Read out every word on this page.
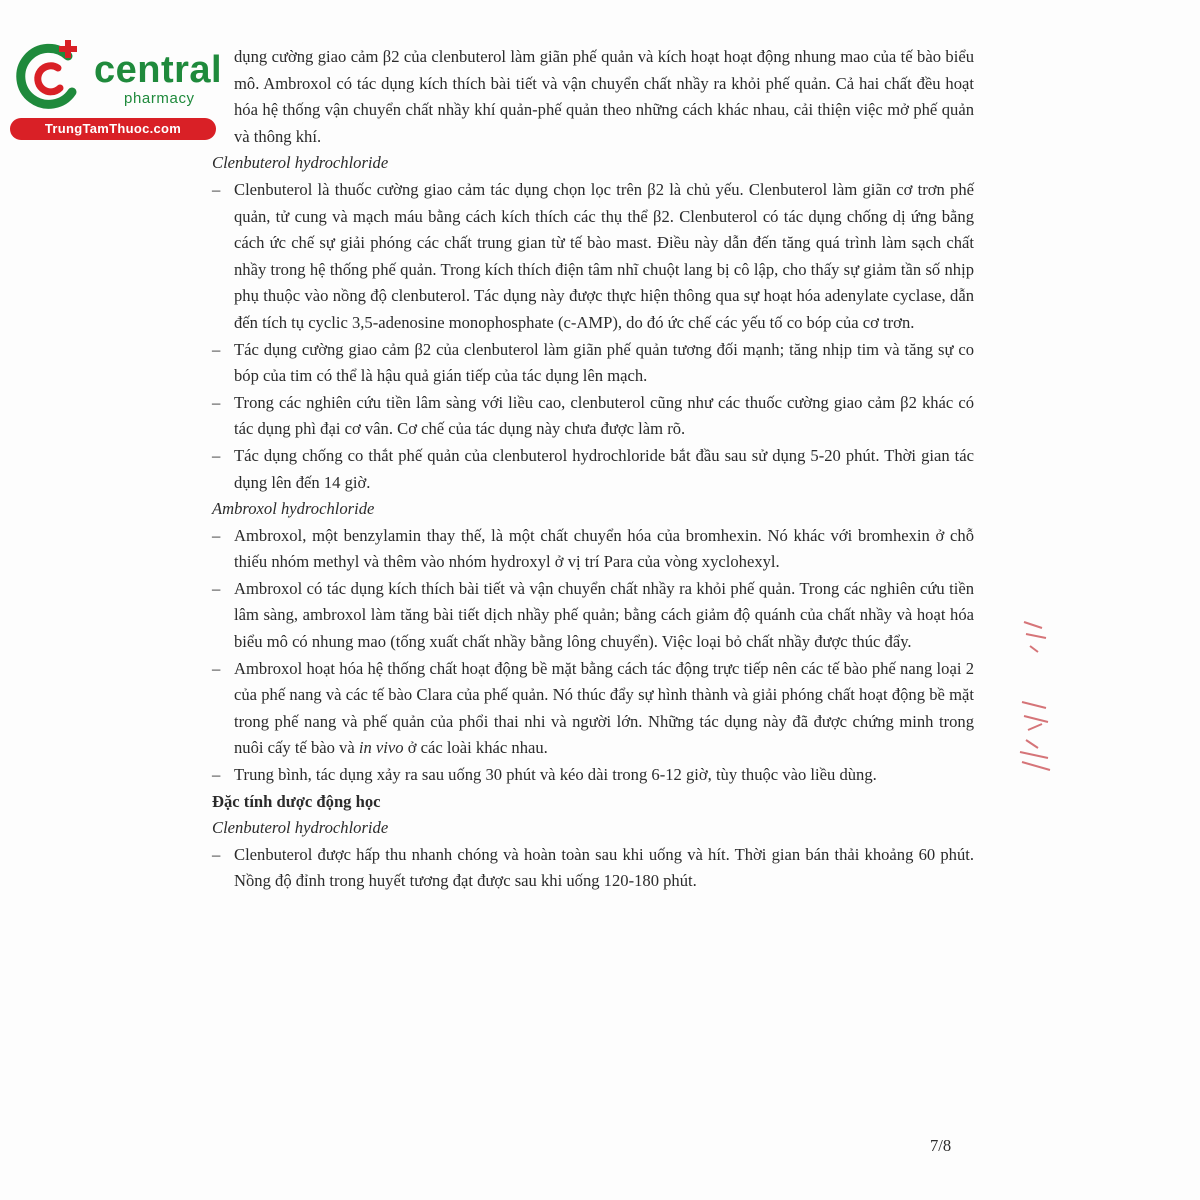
central
pharmacy
TrungTamThuoc.com

dụng cường giao cảm β2 của clenbuterol làm giãn phế quản và kích hoạt hoạt động nhung mao của tế bào biểu mô. Ambroxol có tác dụng kích thích bài tiết và vận chuyển chất nhầy ra khỏi phế quản. Cả hai chất đều hoạt hóa hệ thống vận chuyển chất nhầy khí quản-phế quản theo những cách khác nhau, cải thiện việc mở phế quản và thông khí.

Clenbuterol hydrochloride

– Clenbuterol là thuốc cường giao cảm tác dụng chọn lọc trên β2 là chủ yếu. Clenbuterol làm giãn cơ trơn phế quản, tử cung và mạch máu bằng cách kích thích các thụ thể β2. Clenbuterol có tác dụng chống dị ứng bằng cách ức chế sự giải phóng các chất trung gian từ tế bào mast. Điều này dẫn đến tăng quá trình làm sạch chất nhầy trong hệ thống phế quản. Trong kích thích điện tâm nhĩ chuột lang bị cô lập, cho thấy sự giảm tần số nhịp phụ thuộc vào nồng độ clenbuterol. Tác dụng này được thực hiện thông qua sự hoạt hóa adenylate cyclase, dẫn đến tích tụ cyclic 3,5-adenosine monophosphate (c-AMP), do đó ức chế các yếu tố co bóp của cơ trơn.

– Tác dụng cường giao cảm β2 của clenbuterol làm giãn phế quản tương đối mạnh; tăng nhịp tim và tăng sự co bóp của tim có thể là hậu quả gián tiếp của tác dụng lên mạch.

– Trong các nghiên cứu tiền lâm sàng với liều cao, clenbuterol cũng như các thuốc cường giao cảm β2 khác có tác dụng phì đại cơ vân. Cơ chế của tác dụng này chưa được làm rõ.

– Tác dụng chống co thắt phế quản của clenbuterol hydrochloride bắt đầu sau sử dụng 5-20 phút. Thời gian tác dụng lên đến 14 giờ.

Ambroxol hydrochloride

– Ambroxol, một benzylamin thay thế, là một chất chuyển hóa của bromhexin. Nó khác với bromhexin ở chỗ thiếu nhóm methyl và thêm vào nhóm hydroxyl ở vị trí Para của vòng xyclohexyl.

– Ambroxol có tác dụng kích thích bài tiết và vận chuyển chất nhầy ra khỏi phế quản. Trong các nghiên cứu tiền lâm sàng, ambroxol làm tăng bài tiết dịch nhầy phế quản; bằng cách giảm độ quánh của chất nhầy và hoạt hóa biểu mô có nhung mao (tống xuất chất nhầy bằng lông chuyển). Việc loại bỏ chất nhầy được thúc đẩy.

– Ambroxol hoạt hóa hệ thống chất hoạt động bề mặt bằng cách tác động trực tiếp nên các tế bào phế nang loại 2 của phế nang và các tế bào Clara của phế quản. Nó thúc đẩy sự hình thành và giải phóng chất hoạt động bề mặt trong phế nang và phế quản của phổi thai nhi và người lớn. Những tác dụng này đã được chứng minh trong nuôi cấy tế bào và in vivo ở các loài khác nhau.

– Trung bình, tác dụng xảy ra sau uống 30 phút và kéo dài trong 6-12 giờ, tùy thuộc vào liều dùng.

Đặc tính dược động học

Clenbuterol hydrochloride

– Clenbuterol được hấp thu nhanh chóng và hoàn toàn sau khi uống và hít. Thời gian bán thải khoảng 60 phút. Nồng độ đỉnh trong huyết tương đạt được sau khi uống 120-180 phút.

7/8
